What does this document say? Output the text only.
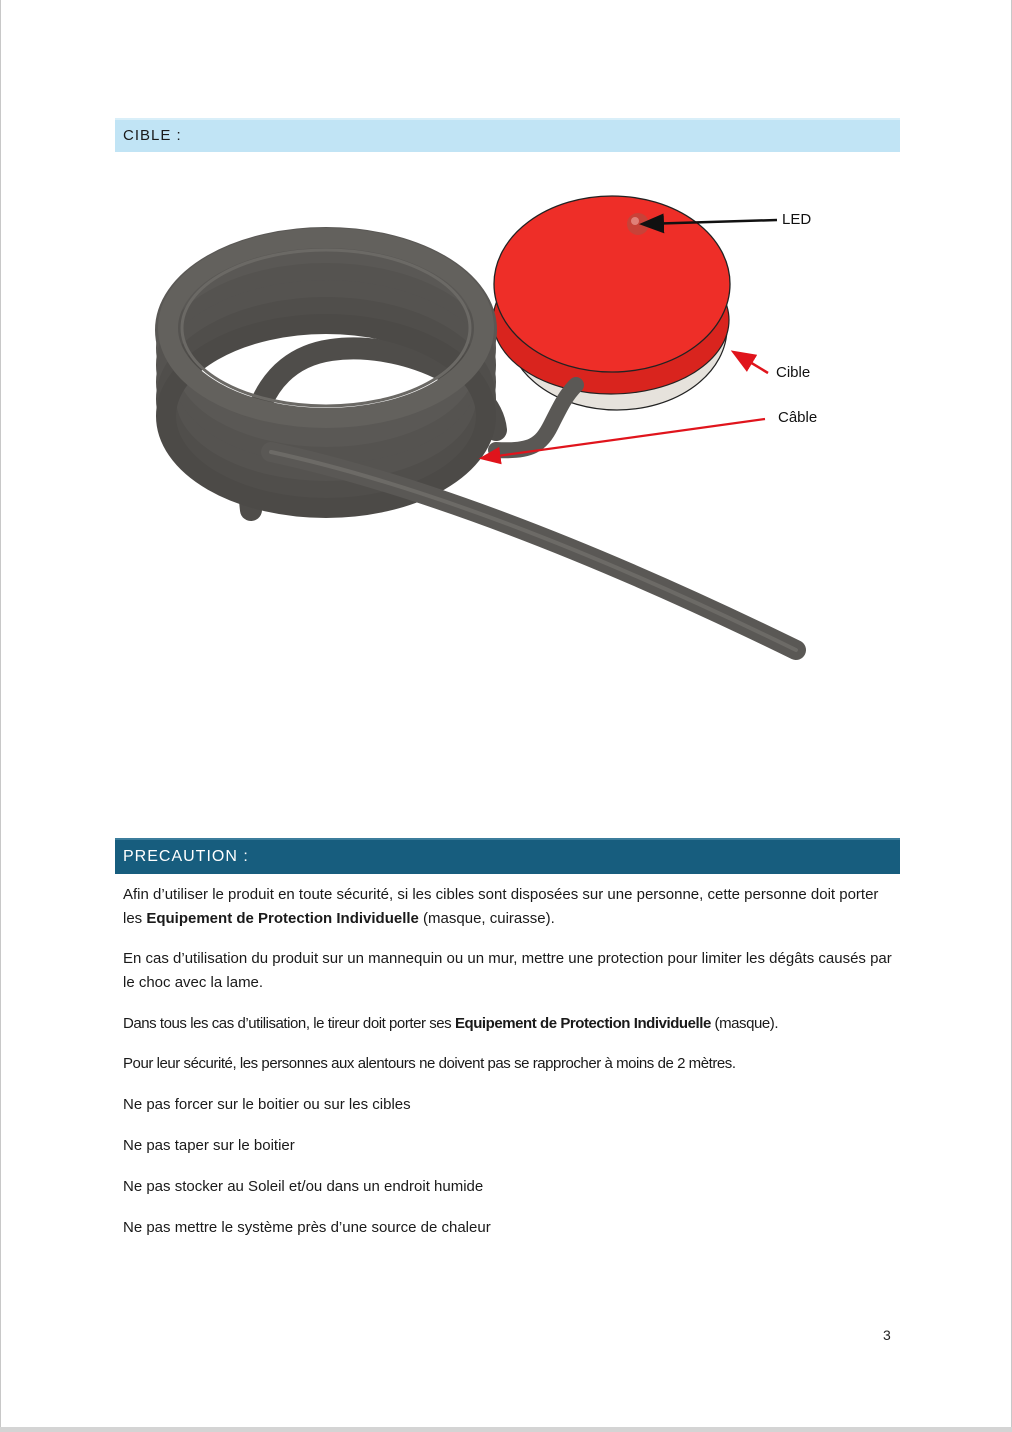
CIBLE :
LED
Cible
Câble
PRECAUTION :

Afin d’utiliser le produit en toute sécurité, si les cibles sont disposées sur une personne, cette personne doit porter les Equipement de Protection Individuelle (masque, cuirasse).

En cas d’utilisation du produit sur un mannequin ou un mur, mettre une protection pour limiter les dégâts causés par le choc avec la lame.

Dans tous les cas d’utilisation, le tireur doit porter ses Equipement de Protection Individuelle (masque).

Pour leur sécurité, les personnes aux alentours ne doivent pas se rapprocher à moins de 2 mètres.

Ne pas forcer sur le boitier ou sur les cibles

Ne pas taper sur le boitier

Ne pas stocker au Soleil et/ou dans un endroit humide

Ne pas mettre le système près d’une source de chaleur

3
